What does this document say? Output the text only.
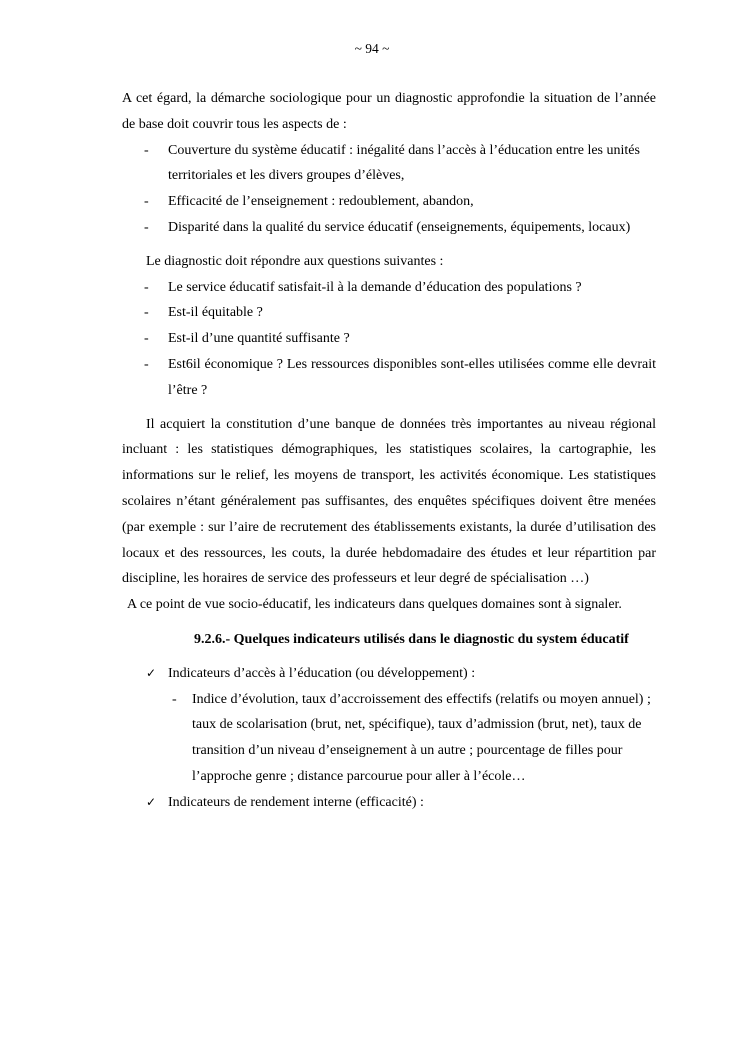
~ 94 ~

A cet égard, la démarche sociologique pour un diagnostic approfondie la situation de l’année de base doit couvrir tous les aspects de :

- Couverture du système éducatif : inégalité dans l’accès à l’éducation entre les unités territoriales et les divers groupes d’élèves,
- Efficacité de l’enseignement : redoublement, abandon,
- Disparité dans la qualité du service éducatif (enseignements, équipements, locaux)

Le diagnostic doit répondre aux questions suivantes :

- Le service éducatif satisfait-il à la demande d’éducation des populations ?
- Est-il équitable ?
- Est-il d’une quantité suffisante ?
- Est6il économique ? Les ressources disponibles sont-elles utilisées comme elle devrait l’être ?

Il acquiert la constitution d’une banque de données très importantes au niveau régional incluant : les statistiques démographiques, les statistiques scolaires, la cartographie, les informations sur le relief, les moyens de transport, les activités économique. Les statistiques scolaires n’étant généralement pas suffisantes, des enquêtes spécifiques doivent être menées (par exemple : sur l’aire de recrutement des établissements existants, la durée d’utilisation des locaux et des ressources, les couts, la durée hebdomadaire des études et leur répartition par discipline, les horaires de service des professeurs et leur degré de spécialisation …)

A ce point de vue socio-éducatif, les indicateurs dans quelques domaines sont à signaler.

9.2.6.- Quelques indicateurs utilisés dans le diagnostic du system éducatif

✓ Indicateurs d’accès à l’éducation (ou développement) :
- Indice d’évolution, taux d’accroissement des effectifs (relatifs ou moyen annuel) ; taux de scolarisation (brut, net, spécifique), taux d’admission (brut, net), taux de transition d’un niveau d’enseignement à un autre ; pourcentage de filles pour l’approche genre ; distance parcourue pour aller à l’école…
✓ Indicateurs de rendement interne (efficacité) :
